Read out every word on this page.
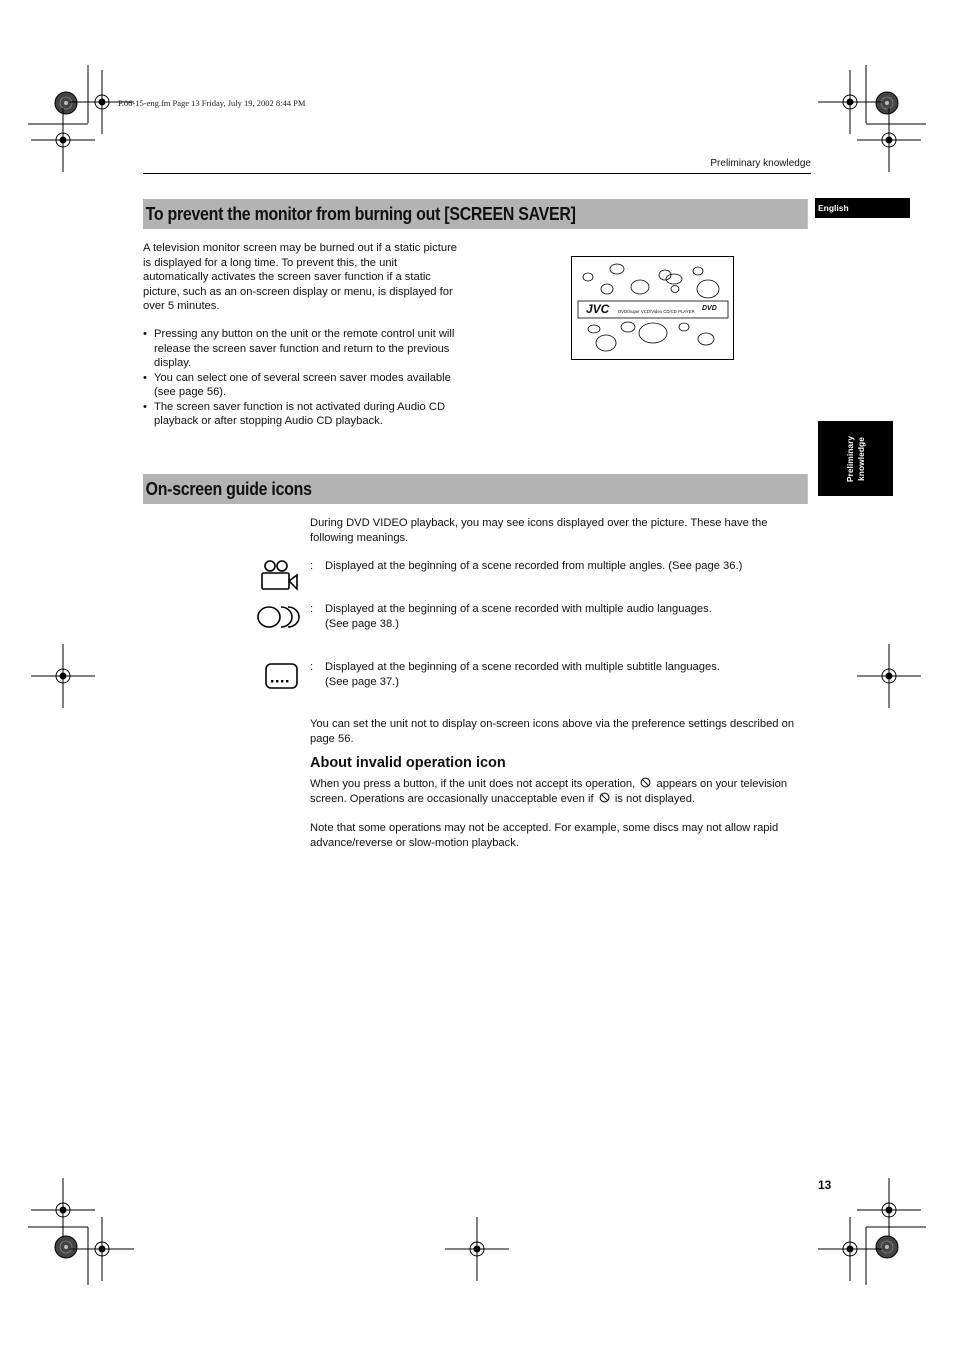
P.06-15-eng.fm Page 13 Friday, July 19, 2002 8:44 PM
Preliminary knowledge
English
Preliminary knowledge
To prevent the monitor from burning out [SCREEN SAVER]
A television monitor screen may be burned out if a static picture is displayed for a long time. To prevent this, the unit automatically activates the screen saver function if a static picture, such as an on-screen display or menu, is displayed for over 5 minutes.
• Pressing any button on the unit or the remote control unit will release the screen saver function and return to the previous display.
• You can select one of several screen saver modes available (see page 56).
• The screen saver function is not activated during Audio CD playback or after stopping Audio CD playback.
JVC DVD/Super VCD/Video CD/CD PLAYER DVD
On-screen guide icons
During DVD VIDEO playback, you may see icons displayed over the picture. These have the following meanings.
: Displayed at the beginning of a scene recorded from multiple angles. (See page 36.)
: Displayed at the beginning of a scene recorded with multiple audio languages.
(See page 38.)
: Displayed at the beginning of a scene recorded with multiple subtitle languages.
(See page 37.)
You can set the unit not to display on-screen icons above via the preference settings described on page 56.
About invalid operation icon
When you press a button, if the unit does not accept its operation, appears on your television screen. Operations are occasionally unacceptable even if is not displayed.
Note that some operations may not be accepted. For example, some discs may not allow rapid advance/reverse or slow-motion playback.
13
